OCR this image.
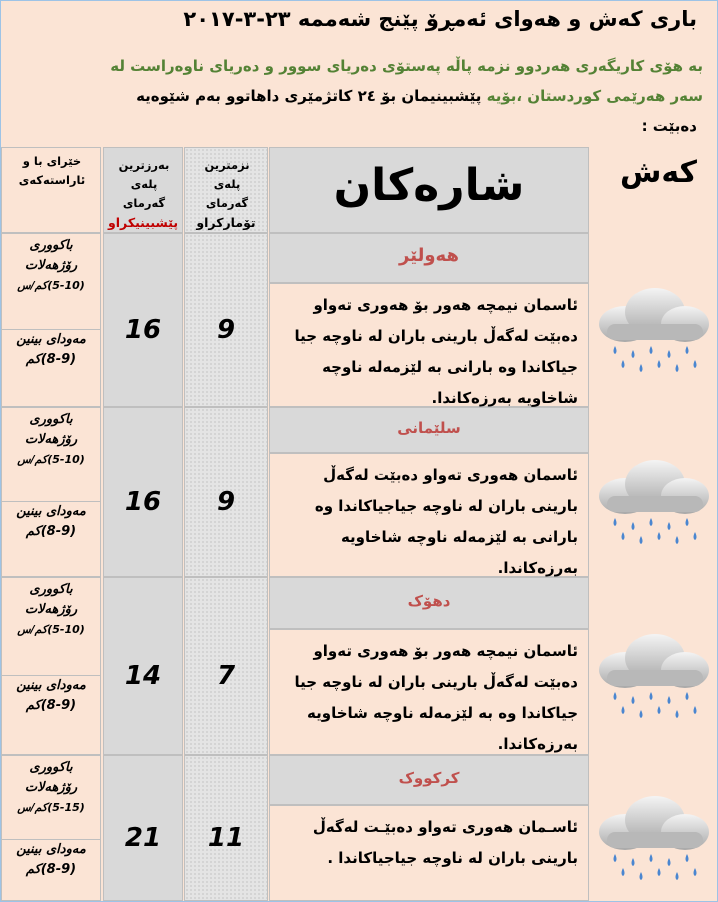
باری کەش و هەوای ئەمڕۆ پێنج شەممە ٢٣-٣-٢٠١٧
بە هۆی کاریگەری هەردوو نزمە پاڵە پەستۆی دەریای سوور و دەریای ناوەراست لە
سەر هەرێمی کوردستان ،بۆیە پێشبینیمان بۆ ٢٤ کاتژمێری داهاتوو بەم شێوەیە
دەبێت :
کەش
شارەکان
نزمترین پلەی گەرمای
تۆمارکراو
بەرزترین پلەی گەرمای
پێشبینیکراو
خێرای با و ئاراستەکەی
هەولێر

ئاسمان نیمچە هەور بۆ هەوری تەواو دەبێت لەگەڵ بارینی باران لە ناوچە جیا جیاکاندا وە بارانی بە لێزمەلە ناوچە شاخاویە بەرزەکاندا.

9
16
باکووری رۆژهەلات
(5-10)کم/س
مەودای بینین
(8-9)کم
سلێمانی

ئاسمان هەوری تەواو دەبێت لەگەڵ بارینی باران لە ناوچە جیاجیاکاندا وە بارانی بە لێزمەلە ناوچە شاخاویە بەرزەکاندا.

9
16
باکووری رۆژهەلات
(5-10)کم/س
مەودای بینین
(8-9)کم
دهۆک

ئاسمان نیمچە هەور بۆ هەوری تەواو دەبێت لەگەڵ بارینی باران لە ناوچە جیا جیاکاندا وە بە لێزمەلە ناوچە شاخاویە بەرزەکاندا.

7
14
باکووری رۆژهەلات
(5-10)کم/س
مەودای بینین
(8-9)کم
کرکووک

ئاسـمان هەوری تەواو دەبێـت لەگەڵ بارینی باران لە ناوچە جیاجیاکاندا .

11
21
باکووری رۆژهەلات
(5-15)کم/س
مەودای بینین
(8-9)کم
